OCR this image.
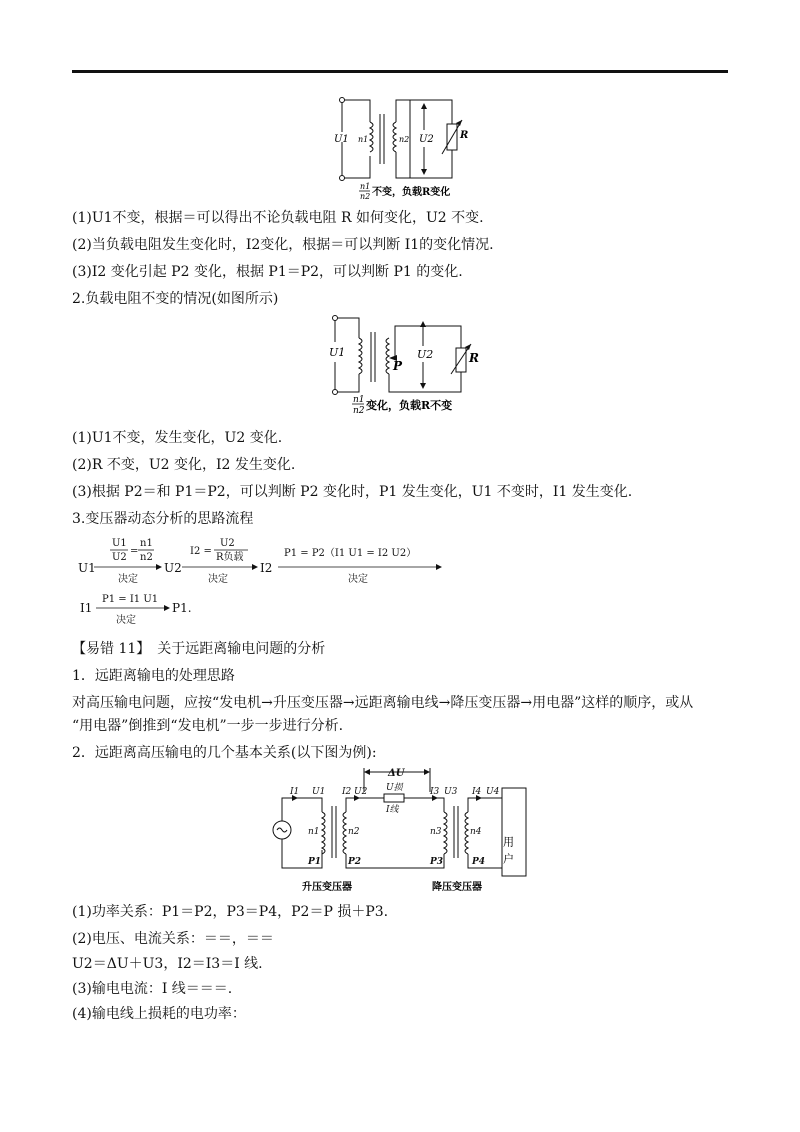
U1 n1	n2 U2	R
n1
n2 不变，负载R变化
(1)U1不变，根据＝可以得出不论负载电阻 R 如何变化，U2 不变.
(2)当负载电阻发生变化时，I2变化，根据＝可以判断 I1的变化情况.
(3)I2 变化引起 P2 变化，根据 P1＝P2，可以判断 P1 的变化.
2.负载电阻不变的情况(如图所示)
U1	U2
P
R
n1
n2 变化，负载R不变
(1)U1不变，发生变化，U2 变化.
(2)R 不变，U2 变化，I2 发生变化.
(3)根据 P2＝和 P1＝P2，可以判断 P2 变化时，P1 发生变化，U1 不变时，I1 发生变化.
3.变压器动态分析的思路流程
U1
U1
U2
=
n1
n2
决定
U2
I2 =
U2
R负载
决定
I2
P1 = P2（I1 U1 = I2 U2）
决定
I1
P1 = I1 U1
决定
P1.
【易错 11】　关于远距离输电问题的分析
1．远距离输电的处理思路
对高压输电问题，应按“发电机→升压变压器→远距离输电线→降压变压器→用电器”这样的顺序，或从
“用电器”倒推到“发电机”一步一步进行分析.
2．远距离高压输电的几个基本关系(以下图为例):
ΔU
I1 U1 I2 U2 U损
I线
I3 U3 I4 U4
n1	n2	n3	n4
P1	P2	P3	P4 用户
升压变压器	降压变压器
(1)功率关系：P1＝P2，P3＝P4，P2＝P 损＋P3.
(2)电压、电流关系：＝＝，＝＝
U2＝ΔU＋U3，I2＝I3＝I 线.
(3)输电电流：I 线＝＝＝.
(4)输电线上损耗的电功率：
